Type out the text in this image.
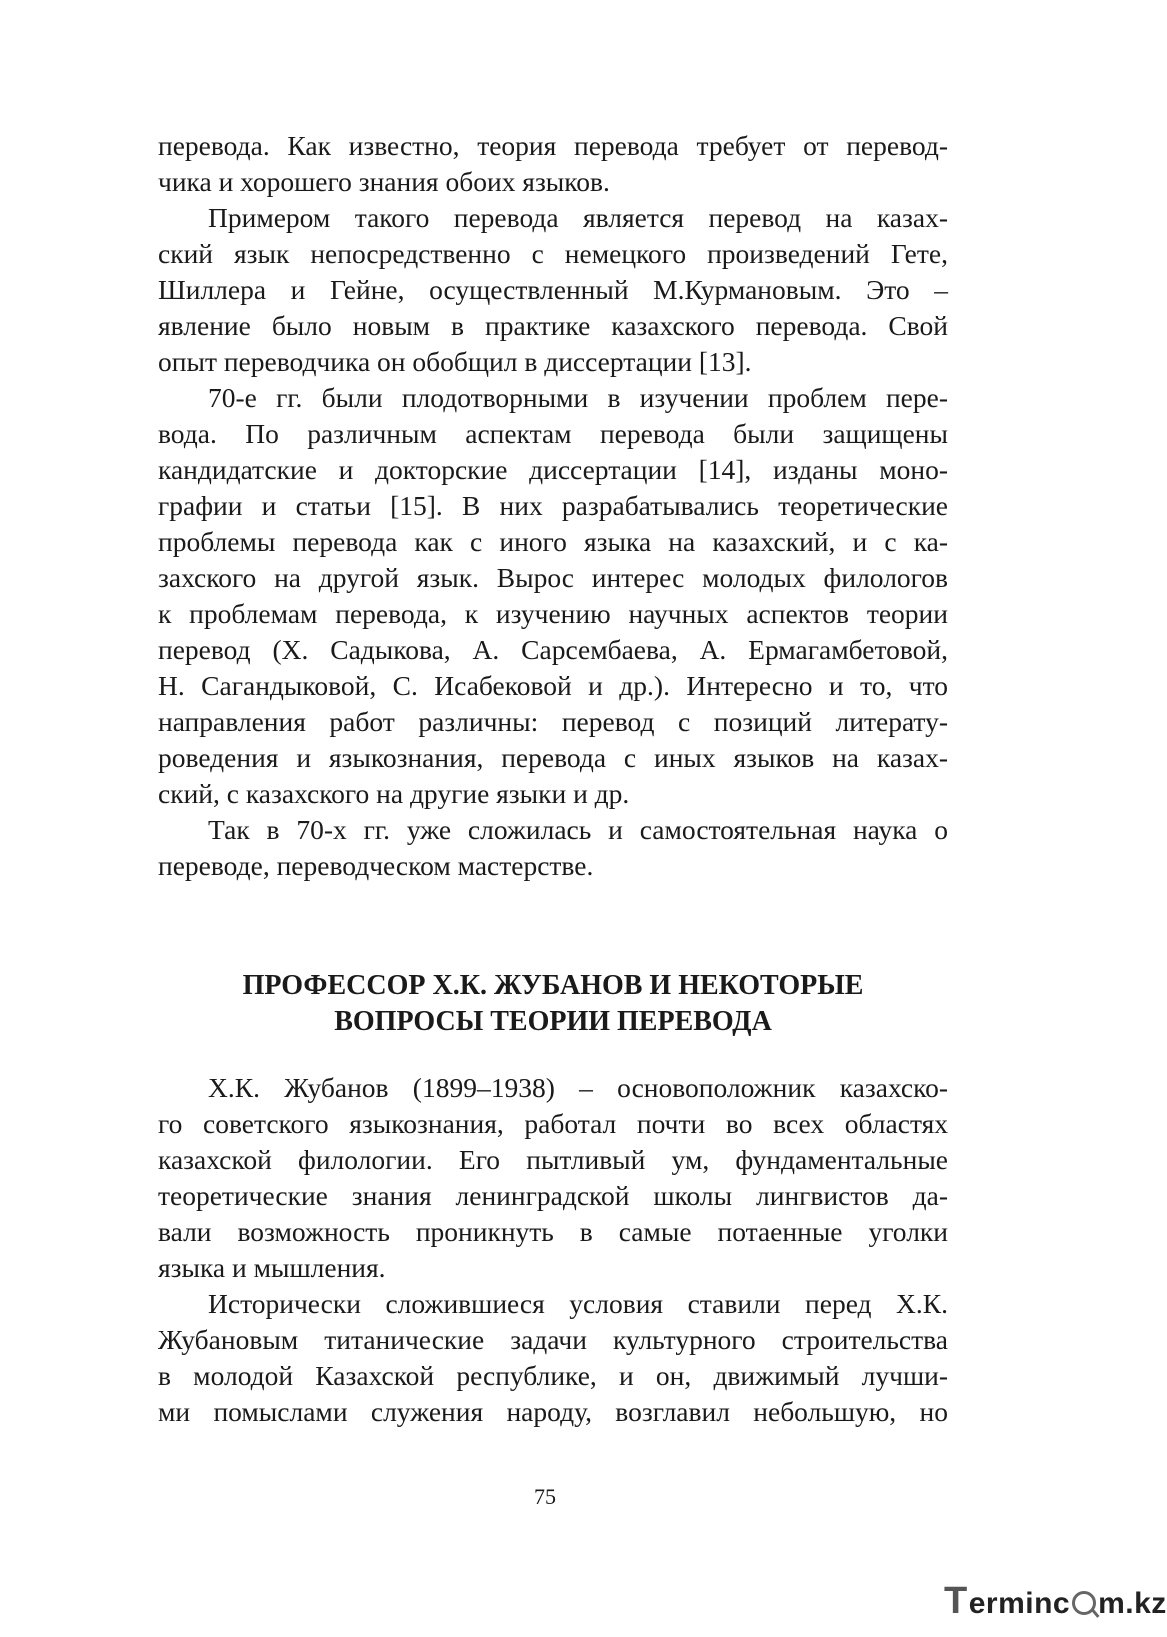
перевода. Как известно, теория перевода требует от перевод-
чика и хорошего знания обоих языков.
Примером такого перевода является перевод на казах-
ский язык непосредственно с немецкого произведений Гете,
Шиллера и Гейне, осуществленный М.Курмановым. Это –
явление было новым в практике казахского перевода. Свой
опыт переводчика он обобщил в диссертации [13].
70-е гг. были плодотворными в изучении проблем пере-
вода. По различным аспектам перевода были защищены
кандидатские и докторские диссертации [14], изданы моно-
графии и статьи [15]. В них разрабатывались теоретические
проблемы перевода как с иного языка на казахский, и с ка-
захского на другой язык. Вырос интерес молодых филологов
к проблемам перевода, к изучению научных аспектов теории
перевод (Х. Садыкова, А. Сарсембаева, А. Ермагамбетовой,
Н. Сагандыковой, С. Исабековой и др.). Интересно и то, что
направления работ различны: перевод с позиций литерату-
роведения и языкознания, перевода с иных языков на казах-
ский, с казахского на другие языки и др.
Так в 70-х гг. уже сложилась и самостоятельная наука о
переводе, переводческом мастерстве.
ПРОФЕССОР Х.К. ЖУБАНОВ И НЕКОТОРЫЕ
ВОПРОСЫ ТЕОРИИ ПЕРЕВОДА
Х.К. Жубанов (1899–1938) – основоположник казахско-
го советского языкознания, работал почти во всех областях
казахской филологии. Его пытливый ум, фундаментальные
теоретические знания ленинградской школы лингвистов да-
вали возможность проникнуть в самые потаенные уголки
языка и мышления.
Исторически сложившиеся условия ставили перед Х.К.
Жубановым титанические задачи культурного строительства
в молодой Казахской республике, и он, движимый лучши-
ми помыслами служения народу, возглавил небольшую, но
75
T erminc m.kz
